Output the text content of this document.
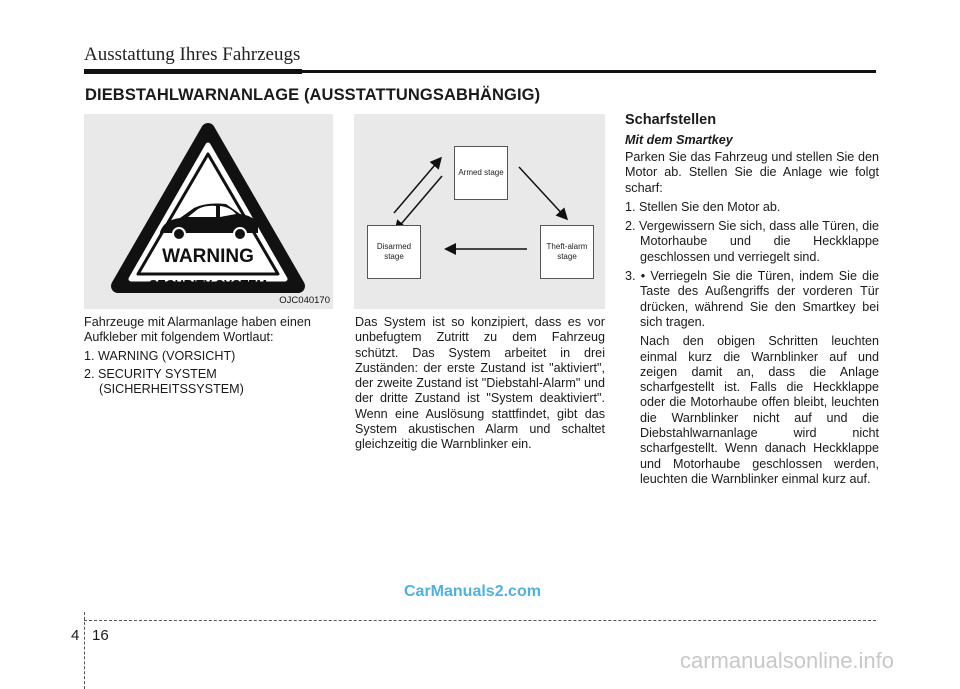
Ausstattung Ihres Fahrzeugs
DIEBSTAHLWARNANLAGE (AUSSTATTUNGSABHÄNGIG)
WARNING
SECURITY SYSTEM
OJC040170
Armed stage
Disarmed stage
Theft-alarm stage
Fahrzeuge mit Alarmanlage haben einen Aufkleber mit folgendem Wortlaut:
1. WARNING (VORSICHT)
2. SECURITY SYSTEM (SICHERHEITSSYSTEM)
Das System ist so konzipiert, dass es vor unbefugtem Zutritt zu dem Fahrzeug schützt. Das System arbeitet in drei Zuständen: der erste Zustand ist "aktiviert", der zweite Zustand ist "Diebstahl-Alarm" und der dritte Zustand ist "System deaktiviert". Wenn eine Auslösung stattfindet, gibt das System akustischen Alarm und schaltet gleichzeitig die Warnblinker ein.
Scharfstellen
Mit dem Smartkey
Parken Sie das Fahrzeug und stellen Sie den Motor ab. Stellen Sie die Anlage wie folgt scharf:
1. Stellen Sie den Motor ab.
2. Vergewissern Sie sich, dass alle Türen, die Motorhaube und die Heckklappe geschlossen und verriegelt sind.
3. • Verriegeln Sie die Türen, indem Sie die Taste des Außengriffs der vorderen Tür drücken, während Sie den Smartkey bei sich tragen.
Nach den obigen Schritten leuchten einmal kurz die Warnblinker auf und zeigen damit an, dass die Anlage scharfgestellt ist. Falls die Heckklappe oder die Motorhaube offen bleibt, leuchten die Warnblinker nicht auf und die Diebstahlwarnanlage wird nicht scharfgestellt. Wenn danach Heckklappe und Motorhaube geschlossen werden, leuchten die Warnblinker einmal kurz auf.
CarManuals2.com
4 16
carmanualsonline.info
